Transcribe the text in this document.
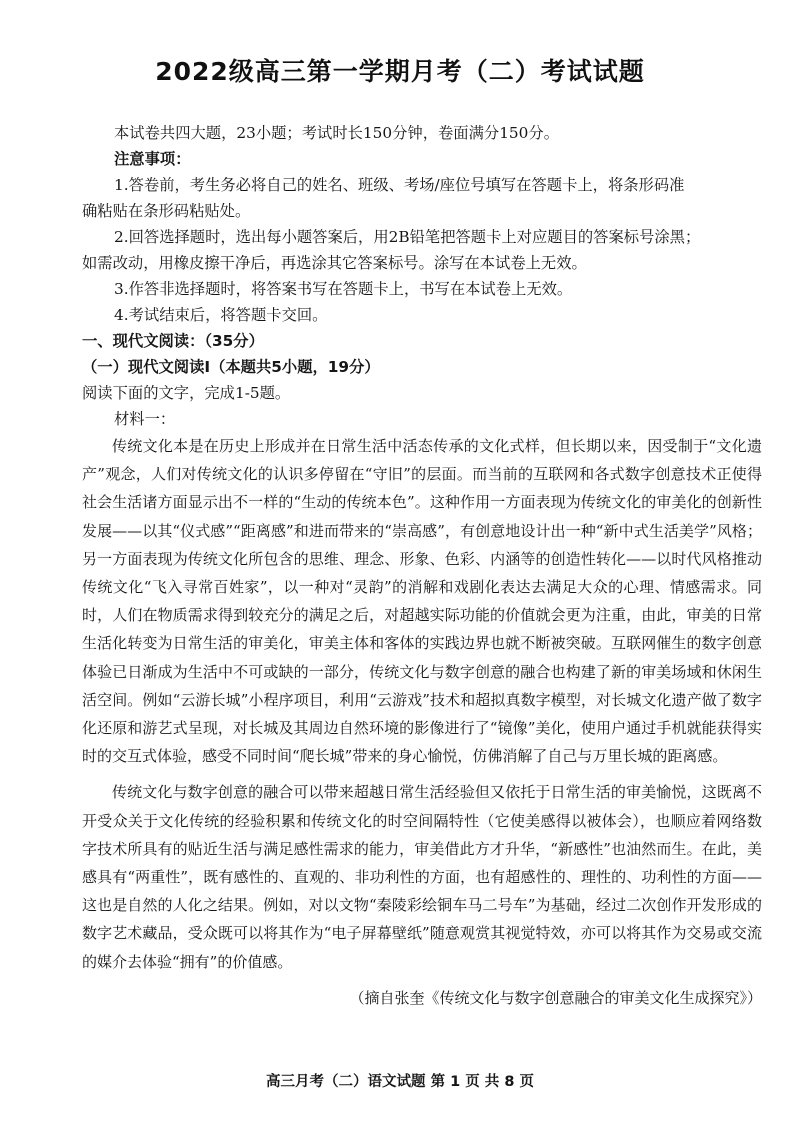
2022级高三第一学期月考（二）考试试题
本试卷共四大题，23小题；考试时长150分钟，卷面满分150分。
注意事项：
1.答卷前，考生务必将自己的姓名、班级、考场/座位号填写在答题卡上，将条形码准
确粘贴在条形码粘贴处。
2.回答选择题时，选出每小题答案后，用2B铅笔把答题卡上对应题目的答案标号涂黑；
如需改动，用橡皮擦干净后，再选涂其它答案标号。涂写在本试卷上无效。
3.作答非选择题时，将答案书写在答题卡上，书写在本试卷上无效。
4.考试结束后，将答题卡交回。
一、现代文阅读：（35分）
（一）现代文阅读Ⅰ（本题共5小题，19分）
阅读下面的文字，完成1-5题。
材料一：

传统文化本是在历史上形成并在日常生活中活态传承的文化式样，但长期以来，因受制于“文化遗产”观念，人们对传统文化的认识多停留在“守旧”的层面。而当前的互联网和各式数字创意技术正使得社会生活诸方面显示出不一样的“生动的传统本色”。这种作用一方面表现为传统文化的审美化的创新性发展——以其“仪式感”“距离感”和进而带来的“崇高感”，有创意地设计出一种“新中式生活美学”风格；另一方面表现为传统文化所包含的思维、理念、形象、色彩、内涵等的创造性转化——以时代风格推动传统文化“飞入寻常百姓家”，以一种对“灵韵”的消解和戏剧化表达去满足大众的心理、情感需求。同时，人们在物质需求得到较充分的满足之后，对超越实际功能的价值就会更为注重，由此，审美的日常生活化转变为日常生活的审美化，审美主体和客体的实践边界也就不断被突破。互联网催生的数字创意体验已日渐成为生活中不可或缺的一部分，传统文化与数字创意的融合也构建了新的审美场域和休闲生活空间。例如“云游长城”小程序项目，利用“云游戏”技术和超拟真数字模型，对长城文化遗产做了数字化还原和游艺式呈现，对长城及其周边自然环境的影像进行了“镜像”美化，使用户通过手机就能获得实时的交互式体验，感受不同时间“爬长城”带来的身心愉悦，仿佛消解了自己与万里长城的距离感。

传统文化与数字创意的融合可以带来超越日常生活经验但又依托于日常生活的审美愉悦，这既离不开受众关于文化传统的经验积累和传统文化的时空间隔特性（它使美感得以被体会），也顺应着网络数字技术所具有的贴近生活与满足感性需求的能力，审美借此方才升华，“新感性”也油然而生。在此，美感具有“两重性”，既有感性的、直观的、非功利性的方面，也有超感性的、理性的、功利性的方面——这也是自然的人化之结果。例如，对以文物“秦陵彩绘铜车马二号车”为基础，经过二次创作开发形成的数字艺术藏品，受众既可以将其作为“电子屏幕壁纸”随意观赏其视觉特效，亦可以将其作为交易或交流的媒介去体验“拥有”的价值感。

（摘自张奎《传统文化与数字创意融合的审美文化生成探究》）
高三月考（二）语文试题 第 1 页 共 8 页
